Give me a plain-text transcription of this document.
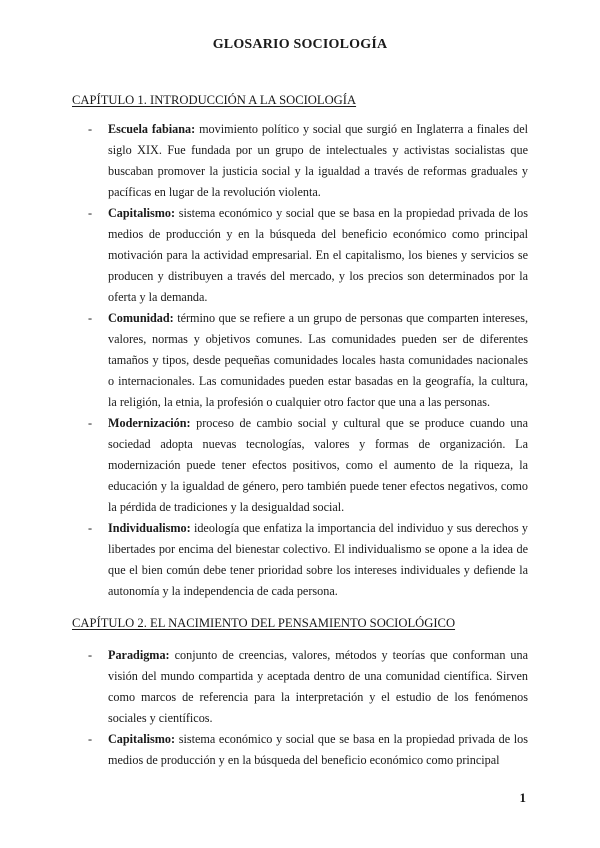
GLOSARIO SOCIOLOGÍA
CAPÍTULO 1. INTRODUCCIÓN A LA SOCIOLOGÍA

- Escuela fabiana: movimiento político y social que surgió en Inglaterra a finales del siglo XIX. Fue fundada por un grupo de intelectuales y activistas socialistas que buscaban promover la justicia social y la igualdad a través de reformas graduales y pacíficas en lugar de la revolución violenta.

- Capitalismo: sistema económico y social que se basa en la propiedad privada de los medios de producción y en la búsqueda del beneficio económico como principal motivación para la actividad empresarial. En el capitalismo, los bienes y servicios se producen y distribuyen a través del mercado, y los precios son determinados por la oferta y la demanda.

- Comunidad: término que se refiere a un grupo de personas que comparten intereses, valores, normas y objetivos comunes. Las comunidades pueden ser de diferentes tamaños y tipos, desde pequeñas comunidades locales hasta comunidades nacionales o internacionales. Las comunidades pueden estar basadas en la geografía, la cultura, la religión, la etnia, la profesión o cualquier otro factor que una a las personas.

- Modernización: proceso de cambio social y cultural que se produce cuando una sociedad adopta nuevas tecnologías, valores y formas de organización. La modernización puede tener efectos positivos, como el aumento de la riqueza, la educación y la igualdad de género, pero también puede tener efectos negativos, como la pérdida de tradiciones y la desigualdad social.

- Individualismo: ideología que enfatiza la importancia del individuo y sus derechos y libertades por encima del bienestar colectivo. El individualismo se opone a la idea de que el bien común debe tener prioridad sobre los intereses individuales y defiende la autonomía y la independencia de cada persona.

CAPÍTULO 2. EL NACIMIENTO DEL PENSAMIENTO SOCIOLÓGICO

- Paradigma: conjunto de creencias, valores, métodos y teorías que conforman una visión del mundo compartida y aceptada dentro de una comunidad científica. Sirven como marcos de referencia para la interpretación y el estudio de los fenómenos sociales y científicos.

- Capitalismo: sistema económico y social que se basa en la propiedad privada de los medios de producción y en la búsqueda del beneficio económico como principal

1
